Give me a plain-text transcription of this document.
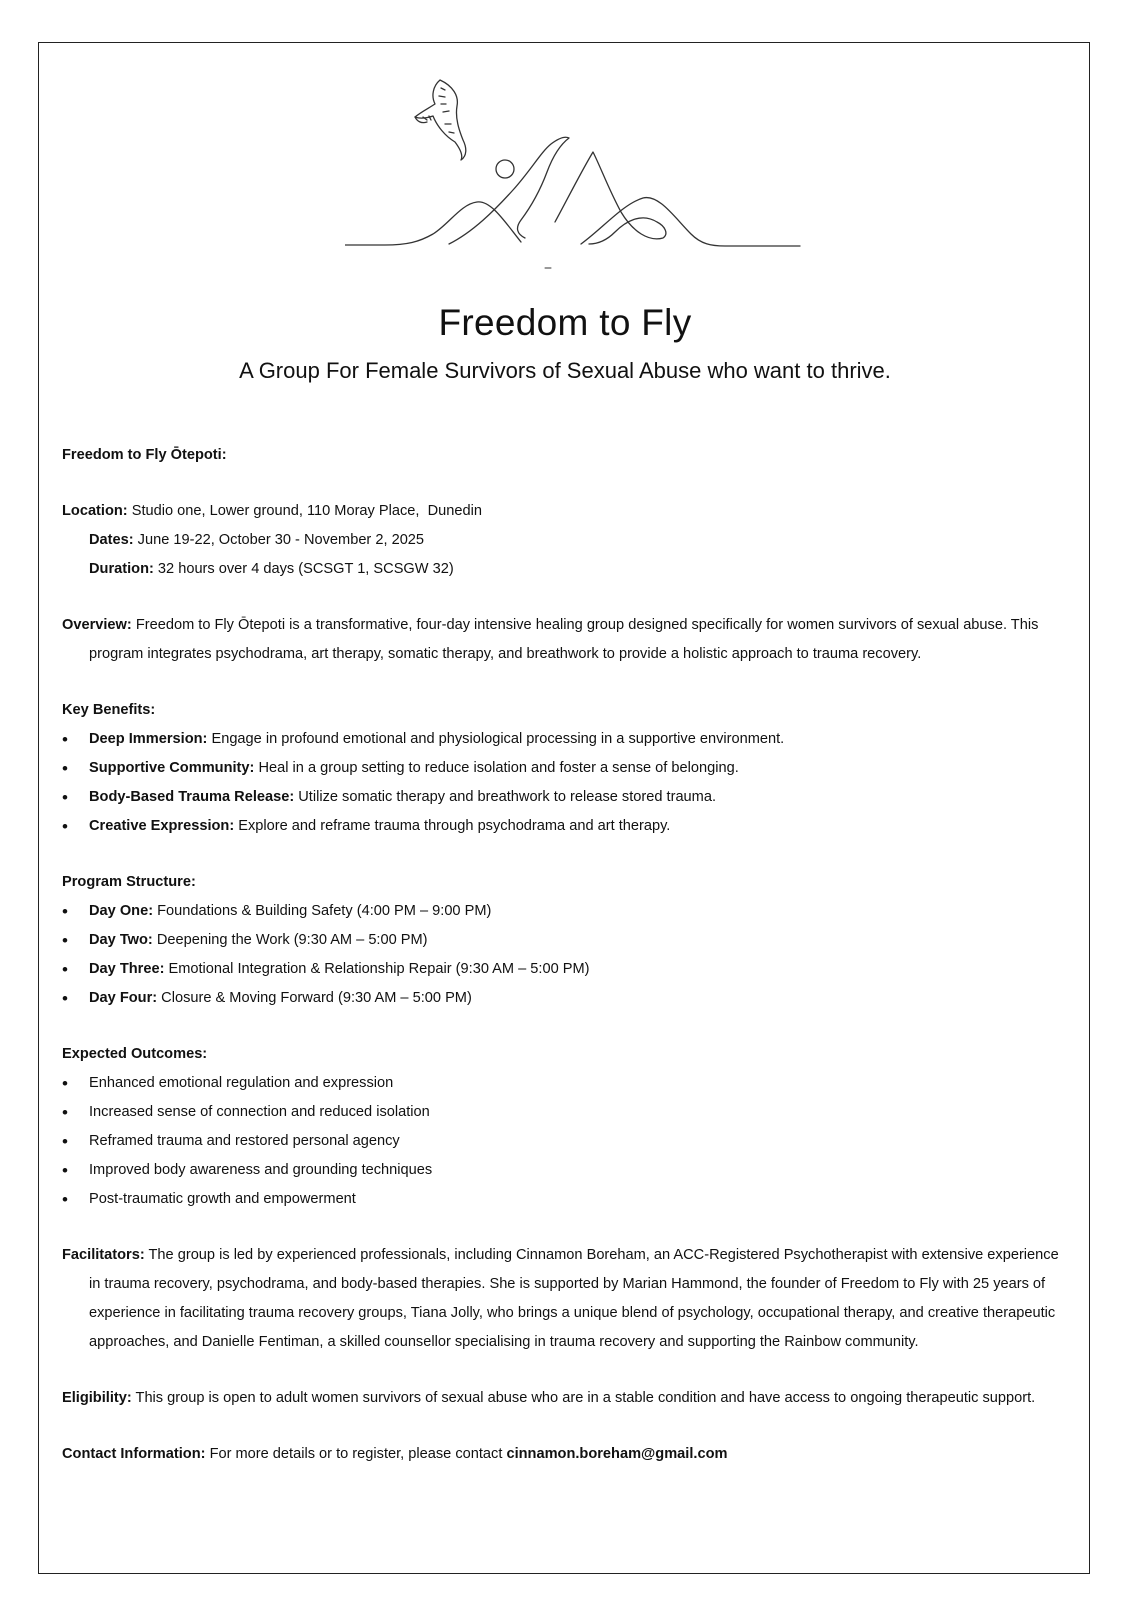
Freedom to Fly
A Group For Female Survivors of Sexual Abuse who want to thrive.

Freedom to Fly Ōtepoti:

Location: Studio one, Lower ground, 110 Moray Place,  Dunedin

Dates: June 19-22, October 30 - November 2, 2025

Duration: 32 hours over 4 days (SCSGT 1, SCSGW 32)

Overview: Freedom to Fly Ōtepoti is a transformative, four-day intensive healing group designed specifically for women survivors of sexual abuse. This program integrates psychodrama, art therapy, somatic therapy, and breathwork to provide a holistic approach to trauma recovery.

Key Benefits:

• Deep Immersion: Engage in profound emotional and physiological processing in a supportive environment.
• Supportive Community: Heal in a group setting to reduce isolation and foster a sense of belonging.
• Body-Based Trauma Release: Utilize somatic therapy and breathwork to release stored trauma.
• Creative Expression: Explore and reframe trauma through psychodrama and art therapy.

Program Structure:

• Day One: Foundations & Building Safety (4:00 PM – 9:00 PM)
• Day Two: Deepening the Work (9:30 AM – 5:00 PM)
• Day Three: Emotional Integration & Relationship Repair (9:30 AM – 5:00 PM)
• Day Four: Closure & Moving Forward (9:30 AM – 5:00 PM)

Expected Outcomes:

• Enhanced emotional regulation and expression
• Increased sense of connection and reduced isolation
• Reframed trauma and restored personal agency
• Improved body awareness and grounding techniques
• Post-traumatic growth and empowerment

Facilitators: The group is led by experienced professionals, including Cinnamon Boreham, an ACC-Registered Psychotherapist with extensive experience in trauma recovery, psychodrama, and body-based therapies. She is supported by Marian Hammond, the founder of Freedom to Fly with 25 years of experience in facilitating trauma recovery groups, Tiana Jolly, who brings a unique blend of psychology, occupational therapy, and creative therapeutic approaches, and Danielle Fentiman, a skilled counsellor specialising in trauma recovery and supporting the Rainbow community.

Eligibility: This group is open to adult women survivors of sexual abuse who are in a stable condition and have access to ongoing therapeutic support.

Contact Information: For more details or to register, please contact cinnamon.boreham@gmail.com
